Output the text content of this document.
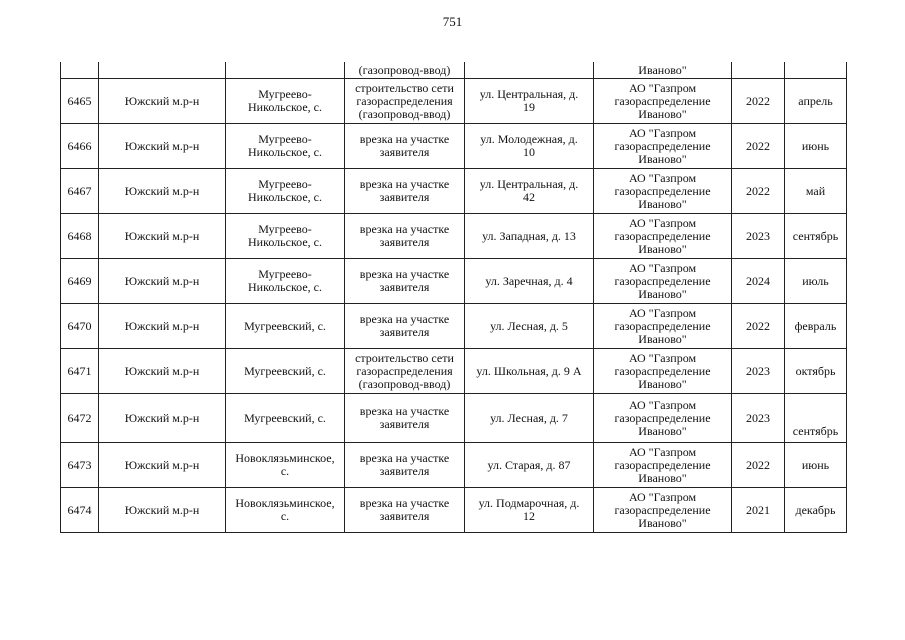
751
			(газопровод-ввод)		Иваново"		
6465	Южский м.р-н	Мугреево-
Никольское, с.	строительство сети
газораспределения
(газопровод-ввод)	ул. Центральная, д.
19	АО "Газпром
газораспределение
Иваново"	2022	апрель
6466	Южский м.р-н	Мугреево-
Никольское, с.	врезка на участке
заявителя	ул. Молодежная, д.
10	АО "Газпром
газораспределение
Иваново"	2022	июнь
6467	Южский м.р-н	Мугреево-
Никольское, с.	врезка на участке
заявителя	ул. Центральная, д.
42	АО "Газпром
газораспределение
Иваново"	2022	май
6468	Южский м.р-н	Мугреево-
Никольское, с.	врезка на участке
заявителя	ул. Западная, д. 13	АО "Газпром
газораспределение
Иваново"	2023	сентябрь
6469	Южский м.р-н	Мугреево-
Никольское, с.	врезка на участке
заявителя	ул. Заречная, д. 4	АО "Газпром
газораспределение
Иваново"	2024	июль
6470	Южский м.р-н	Мугреевский, с.	врезка на участке
заявителя	ул. Лесная, д. 5	АО "Газпром
газораспределение
Иваново"	2022	февраль
6471	Южский м.р-н	Мугреевский, с.	строительство сети
газораспределения
(газопровод-ввод)	ул. Школьная, д. 9 А	АО "Газпром
газораспределение
Иваново"	2023	октябрь
6472	Южский м.р-н	Мугреевский, с.	врезка на участке
заявителя	ул. Лесная, д. 7	АО "Газпром
газораспределение
Иваново"	2023	сентябрь
6473	Южский м.р-н	Новоклязьминское,
с.	врезка на участке
заявителя	ул. Старая, д. 87	АО "Газпром
газораспределение
Иваново"	2022	июнь
6474	Южский м.р-н	Новоклязьминское,
с.	врезка на участке
заявителя	ул. Подмарочная, д.
12	АО "Газпром
газораспределение
Иваново"	2021	декабрь
